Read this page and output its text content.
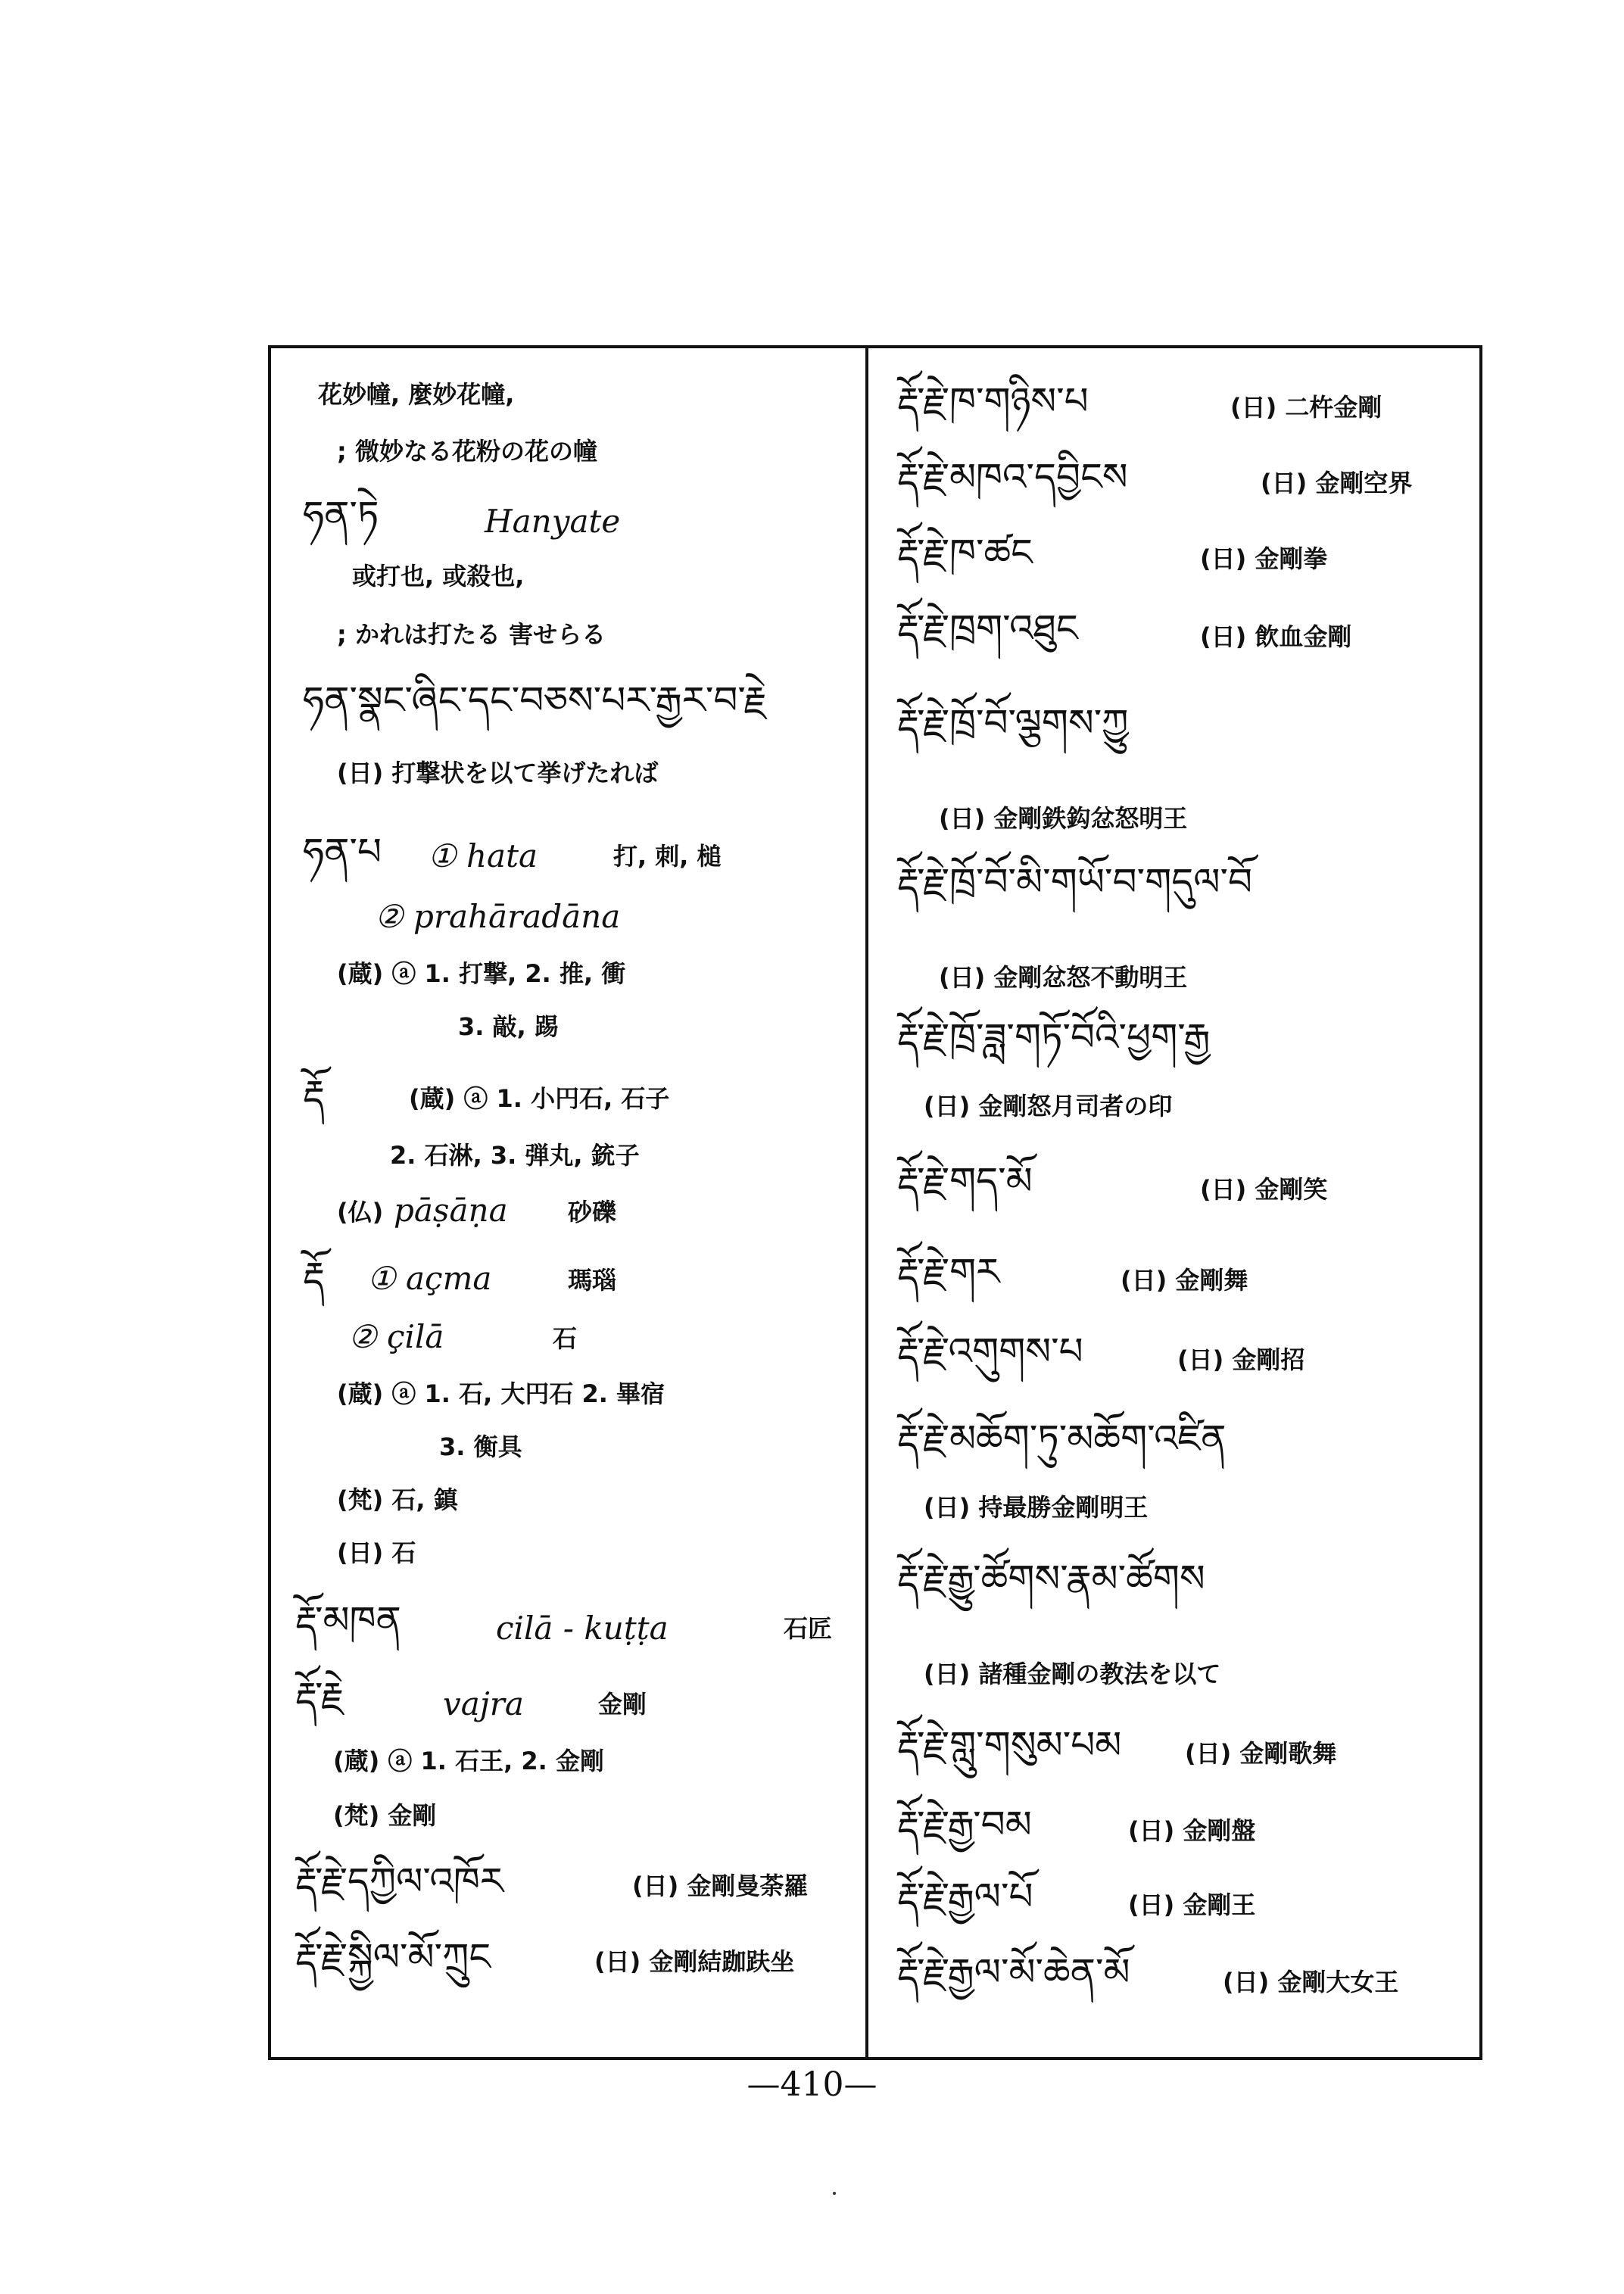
花妙幢, 麼妙花幢,
; 微妙なる花粉の花の幢
ཧན་ཏེ	Hanyate
或打也, 或殺也,
; かれは打たる 害せらる
ཧན་སྣང་ཞིང་དང་བཅས་པར་རྒྱར་བ་རྗེ
(日) 打撃状を以て挙げたれば
ཧན་པ ① hata	打, 刺, 槌
② prahāradāna
(蔵) ⓐ 1. 打撃, 2. 推, 衝
3. 敲, 踢
རྡོ	(蔵) ⓐ 1. 小円石, 石子
2. 石淋, 3. 弾丸, 銃子
(仏) pāṣāṇa 砂礫
རྡོ ① açma	瑪瑙
② çilā	石
(蔵) ⓐ 1. 石, 大円石 2. 畢宿
3. 衡具
(梵) 石, 鎮
(日) 石
རྡོ་མཁན	cilā - kuṭṭa	石匠
རྡོ་རྗེ	vajra	金剛
(蔵) ⓐ 1. 石王, 2. 金剛
(梵) 金剛
རྡོ་རྗེ་དཀྱིལ་འཁོར	(日) 金剛曼荼羅
རྡོ་རྗེ་སྐྱིལ་མོ་ཀྲུང	(日) 金剛結跏趺坐
རྡོ་རྗེ་ཁ་གཉིས་པ	(日) 二杵金剛
རྡོ་རྗེ་མཁའ་དབྱིངས	(日) 金剛空界
རྡོ་རྗེ་ཁ་ཚང	(日) 金剛拳
རྡོ་རྗེ་ཁྲག་འཐུང	(日) 飲血金剛
རྡོ་རྗེ་ཁྲོ་བོ་ལྕགས་ཀྱུ
(日) 金剛鉄鈎忿怒明王
རྡོ་རྗེ་ཁྲོ་བོ་མི་གཡོ་བ་གདུལ་བོ
(日) 金剛忿怒不動明王
རྡོ་རྗེ་ཁྲོ་ཟླ་གཏོ་བོའི་ཕྱག་རྒྱ
(日) 金剛怒月司者の印
རྡོ་རྗེ་གད་མོ	(日) 金剛笑
རྡོ་རྗེ་གར	(日) 金剛舞
རྡོ་རྗེ་འགུགས་པ	(日) 金剛招
རྡོ་རྗེ་མཆོག་ཏུ་མཆོག་འཛིན
(日) 持最勝金剛明王
རྡོ་རྗེ་རྒྱུ་ཚོགས་རྣམ་ཚོགས
(日) 諸種金剛の教法を以て
རྡོ་རྗེ་གླུ་གསུམ་པམ	(日) 金剛歌舞
རྡོ་རྗེ་རྒྱ་བམ	(日) 金剛盤
རྡོ་རྗེ་རྒྱལ་པོ	(日) 金剛王
རྡོ་རྗེ་རྒྱལ་མོ་ཆེན་མོ	(日) 金剛大女王
—410—
